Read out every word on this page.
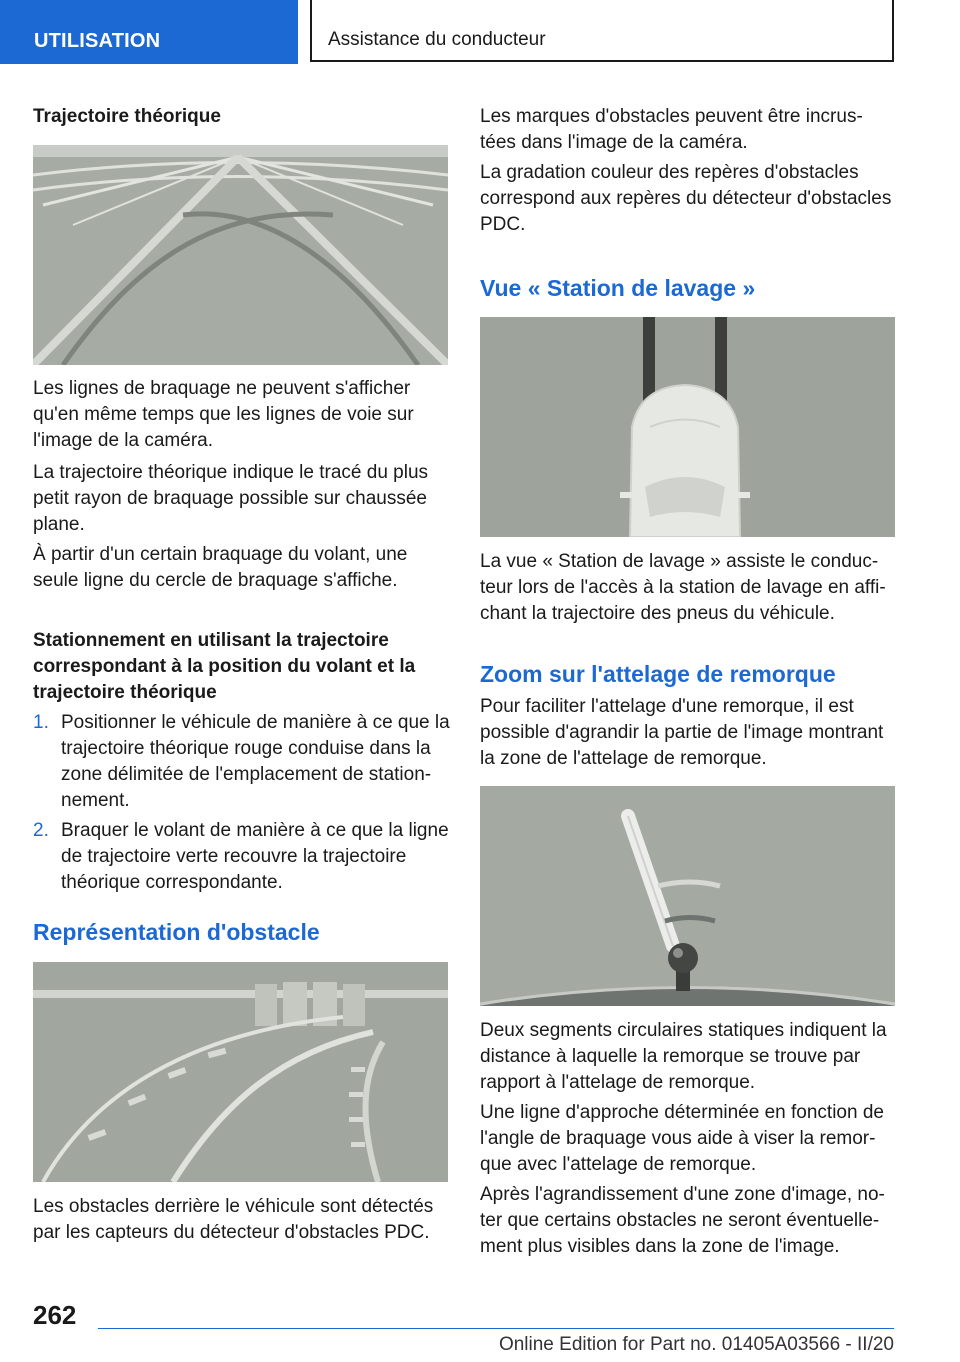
UTILISATION	Assistance du conducteur
Trajectoire théorique

Les lignes de braquage ne peuvent s'afficher qu'en même temps que les lignes de voie sur l'image de la caméra.

La trajectoire théorique indique le tracé du plus petit rayon de braquage possible sur chaussée plane.

À partir d'un certain braquage du volant, une seule ligne du cercle de braquage s'affiche.

Stationnement en utilisant la trajectoire correspondant à la position du volant et la trajectoire théorique
1. Positionner le véhicule de manière à ce que la trajectoire théorique rouge conduise dans la zone délimitée de l'emplacement de station-nement.
2. Braquer le volant de manière à ce que la ligne de trajectoire verte recouvre la trajectoire théorique correspondante.
Représentation d'obstacle

Les obstacles derrière le véhicule sont détectés par les capteurs du détecteur d'obstacles PDC.

Les marques d'obstacles peuvent être incrus-tées dans l'image de la caméra.

La gradation couleur des repères d'obstacles correspond aux repères du détecteur d'obstacles PDC.

Vue « Station de lavage »

La vue « Station de lavage » assiste le conduc-teur lors de l'accès à la station de lavage en affi-chant la trajectoire des pneus du véhicule.

Zoom sur l'attelage de remorque

Pour faciliter l'attelage d'une remorque, il est possible d'agrandir la partie de l'image montrant la zone de l'attelage de remorque.

Deux segments circulaires statiques indiquent la distance à laquelle la remorque se trouve par rapport à l'attelage de remorque.

Une ligne d'approche déterminée en fonction de l'angle de braquage vous aide à viser la remor-que avec l'attelage de remorque.

Après l'agrandissement d'une zone d'image, no-ter que certains obstacles ne seront éventuelle-ment plus visibles dans la zone de l'image.

262
Online Edition for Part no. 01405A03566 - II/20
